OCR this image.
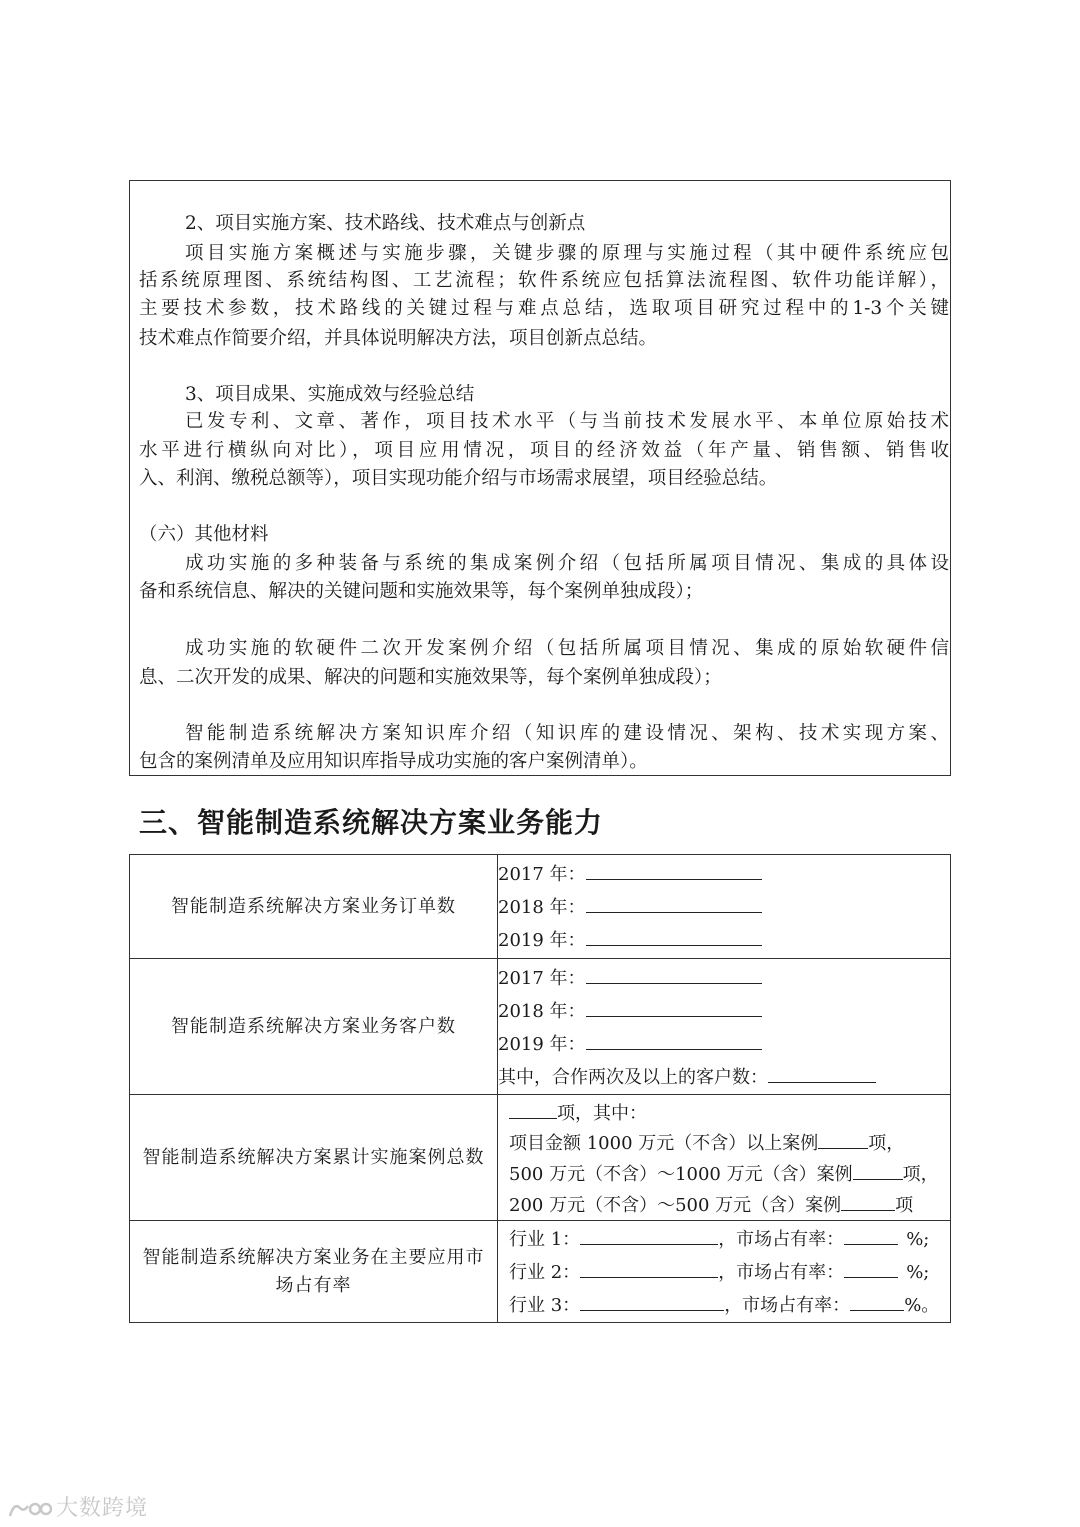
2、项目实施方案、技术路线、技术难点与创新点
项目实施方案概述与实施步骤，关键步骤的原理与实施过程（其中硬件系统应包
括系统原理图、系统结构图、工艺流程；软件系统应包括算法流程图、软件功能详解），
主要技术参数，技术路线的关键过程与难点总结，选取项目研究过程中的1-3个关键
技术难点作简要介绍，并具体说明解决方法，项目创新点总结。
3、项目成果、实施成效与经验总结
已发专利、文章、著作，项目技术水平（与当前技术发展水平、本单位原始技术
水平进行横纵向对比），项目应用情况，项目的经济效益（年产量、销售额、销售收
入、利润、缴税总额等），项目实现功能介绍与市场需求展望，项目经验总结。
（六）其他材料
成功实施的多种装备与系统的集成案例介绍（包括所属项目情况、集成的具体设
备和系统信息、解决的关键问题和实施效果等，每个案例单独成段）；
成功实施的软硬件二次开发案例介绍（包括所属项目情况、集成的原始软硬件信
息、二次开发的成果、解决的问题和实施效果等，每个案例单独成段）；
智能制造系统解决方案知识库介绍（知识库的建设情况、架构、技术实现方案、
包含的案例清单及应用知识库指导成功实施的客户案例清单）。
三、智能制造系统解决方案业务能力
智能制造系统解决方案业务订单数	2017 年：
2018 年：
2019 年：

智能制造系统解决方案业务客户数	2017 年：
2018 年：
2019 年：
其中，合作两次及以上的客户数：

智能制造系统解决方案累计实施案例总数	项，其中：
项目金额 1000 万元（不含）以上案例 项，
500 万元（不含）～1000 万元（含）案例 项，
200 万元（不含）～500 万元（含）案例 项

智能制造系统解决方案业务在主要应用市场占有率	行业 1： ，市场占有率： %;
行业 2： ，市场占有率： %;
行业 3： ，市场占有率： %。
大数跨境
